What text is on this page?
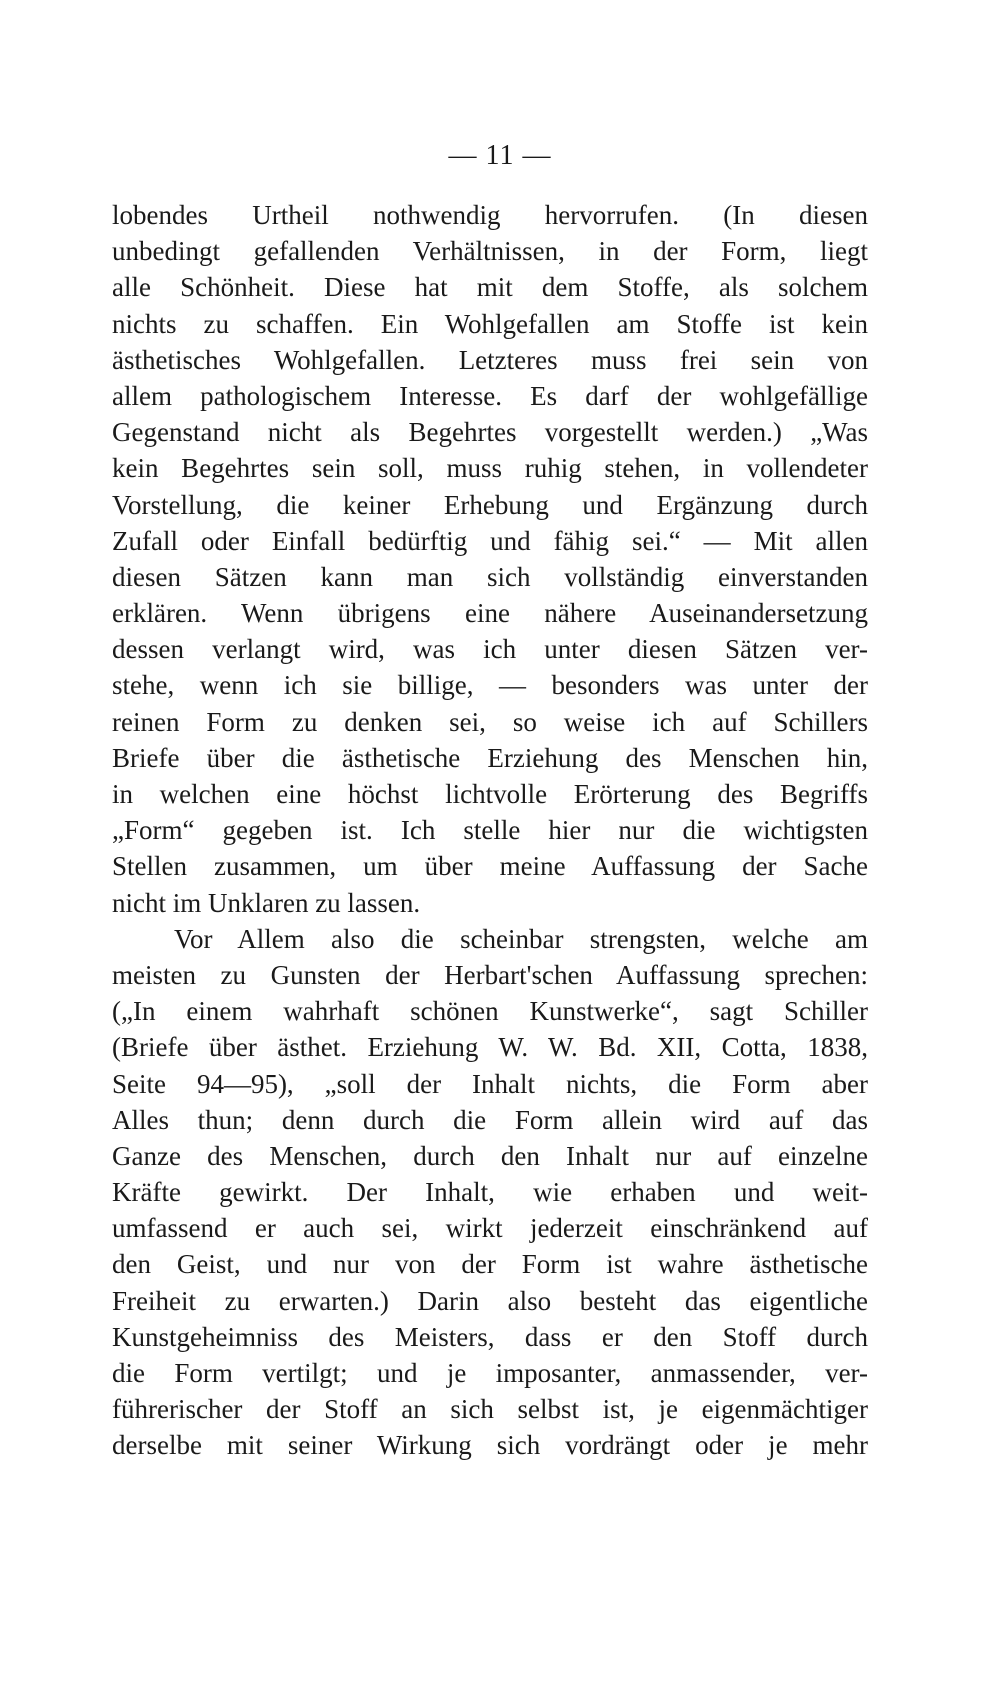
— 11 —
lobendes Urtheil nothwendig hervorrufen. (In diesen
unbedingt gefallenden Verhältnissen, in der Form, liegt
alle Schönheit. Diese hat mit dem Stoffe, als solchem
nichts zu schaffen. Ein Wohlgefallen am Stoffe ist kein
ästhetisches Wohlgefallen. Letzteres muss frei sein von
allem pathologischem Interesse. Es darf der wohlgefällige
Gegenstand nicht als Begehrtes vorgestellt werden.) „Was
kein Begehrtes sein soll, muss ruhig stehen, in vollendeter
Vorstellung, die keiner Erhebung und Ergänzung durch
Zufall oder Einfall bedürftig und fähig sei.“ — Mit allen
diesen Sätzen kann man sich vollständig einverstanden
erklären. Wenn übrigens eine nähere Auseinandersetzung
dessen verlangt wird, was ich unter diesen Sätzen ver-
stehe, wenn ich sie billige, — besonders was unter der
reinen Form zu denken sei, so weise ich auf Schillers
Briefe über die ästhetische Erziehung des Menschen hin,
in welchen eine höchst lichtvolle Erörterung des Begriffs
„Form“ gegeben ist. Ich stelle hier nur die wichtigsten
Stellen zusammen, um über meine Auffassung der Sache
nicht im Unklaren zu lassen.
Vor Allem also die scheinbar strengsten, welche am
meisten zu Gunsten der Herbart'schen Auffassung sprechen:
(„In einem wahrhaft schönen Kunstwerke“, sagt Schiller
(Briefe über ästhet. Erziehung W. W. Bd. XII, Cotta, 1838,
Seite 94—95), „soll der Inhalt nichts, die Form aber
Alles thun; denn durch die Form allein wird auf das
Ganze des Menschen, durch den Inhalt nur auf einzelne
Kräfte gewirkt. Der Inhalt, wie erhaben und weit-
umfassend er auch sei, wirkt jederzeit einschränkend auf
den Geist, und nur von der Form ist wahre ästhetische
Freiheit zu erwarten.) Darin also besteht das eigentliche
Kunstgeheimniss des Meisters, dass er den Stoff durch
die Form vertilgt; und je imposanter, anmassender, ver-
führerischer der Stoff an sich selbst ist, je eigenmächtiger
derselbe mit seiner Wirkung sich vordrängt oder je mehr
